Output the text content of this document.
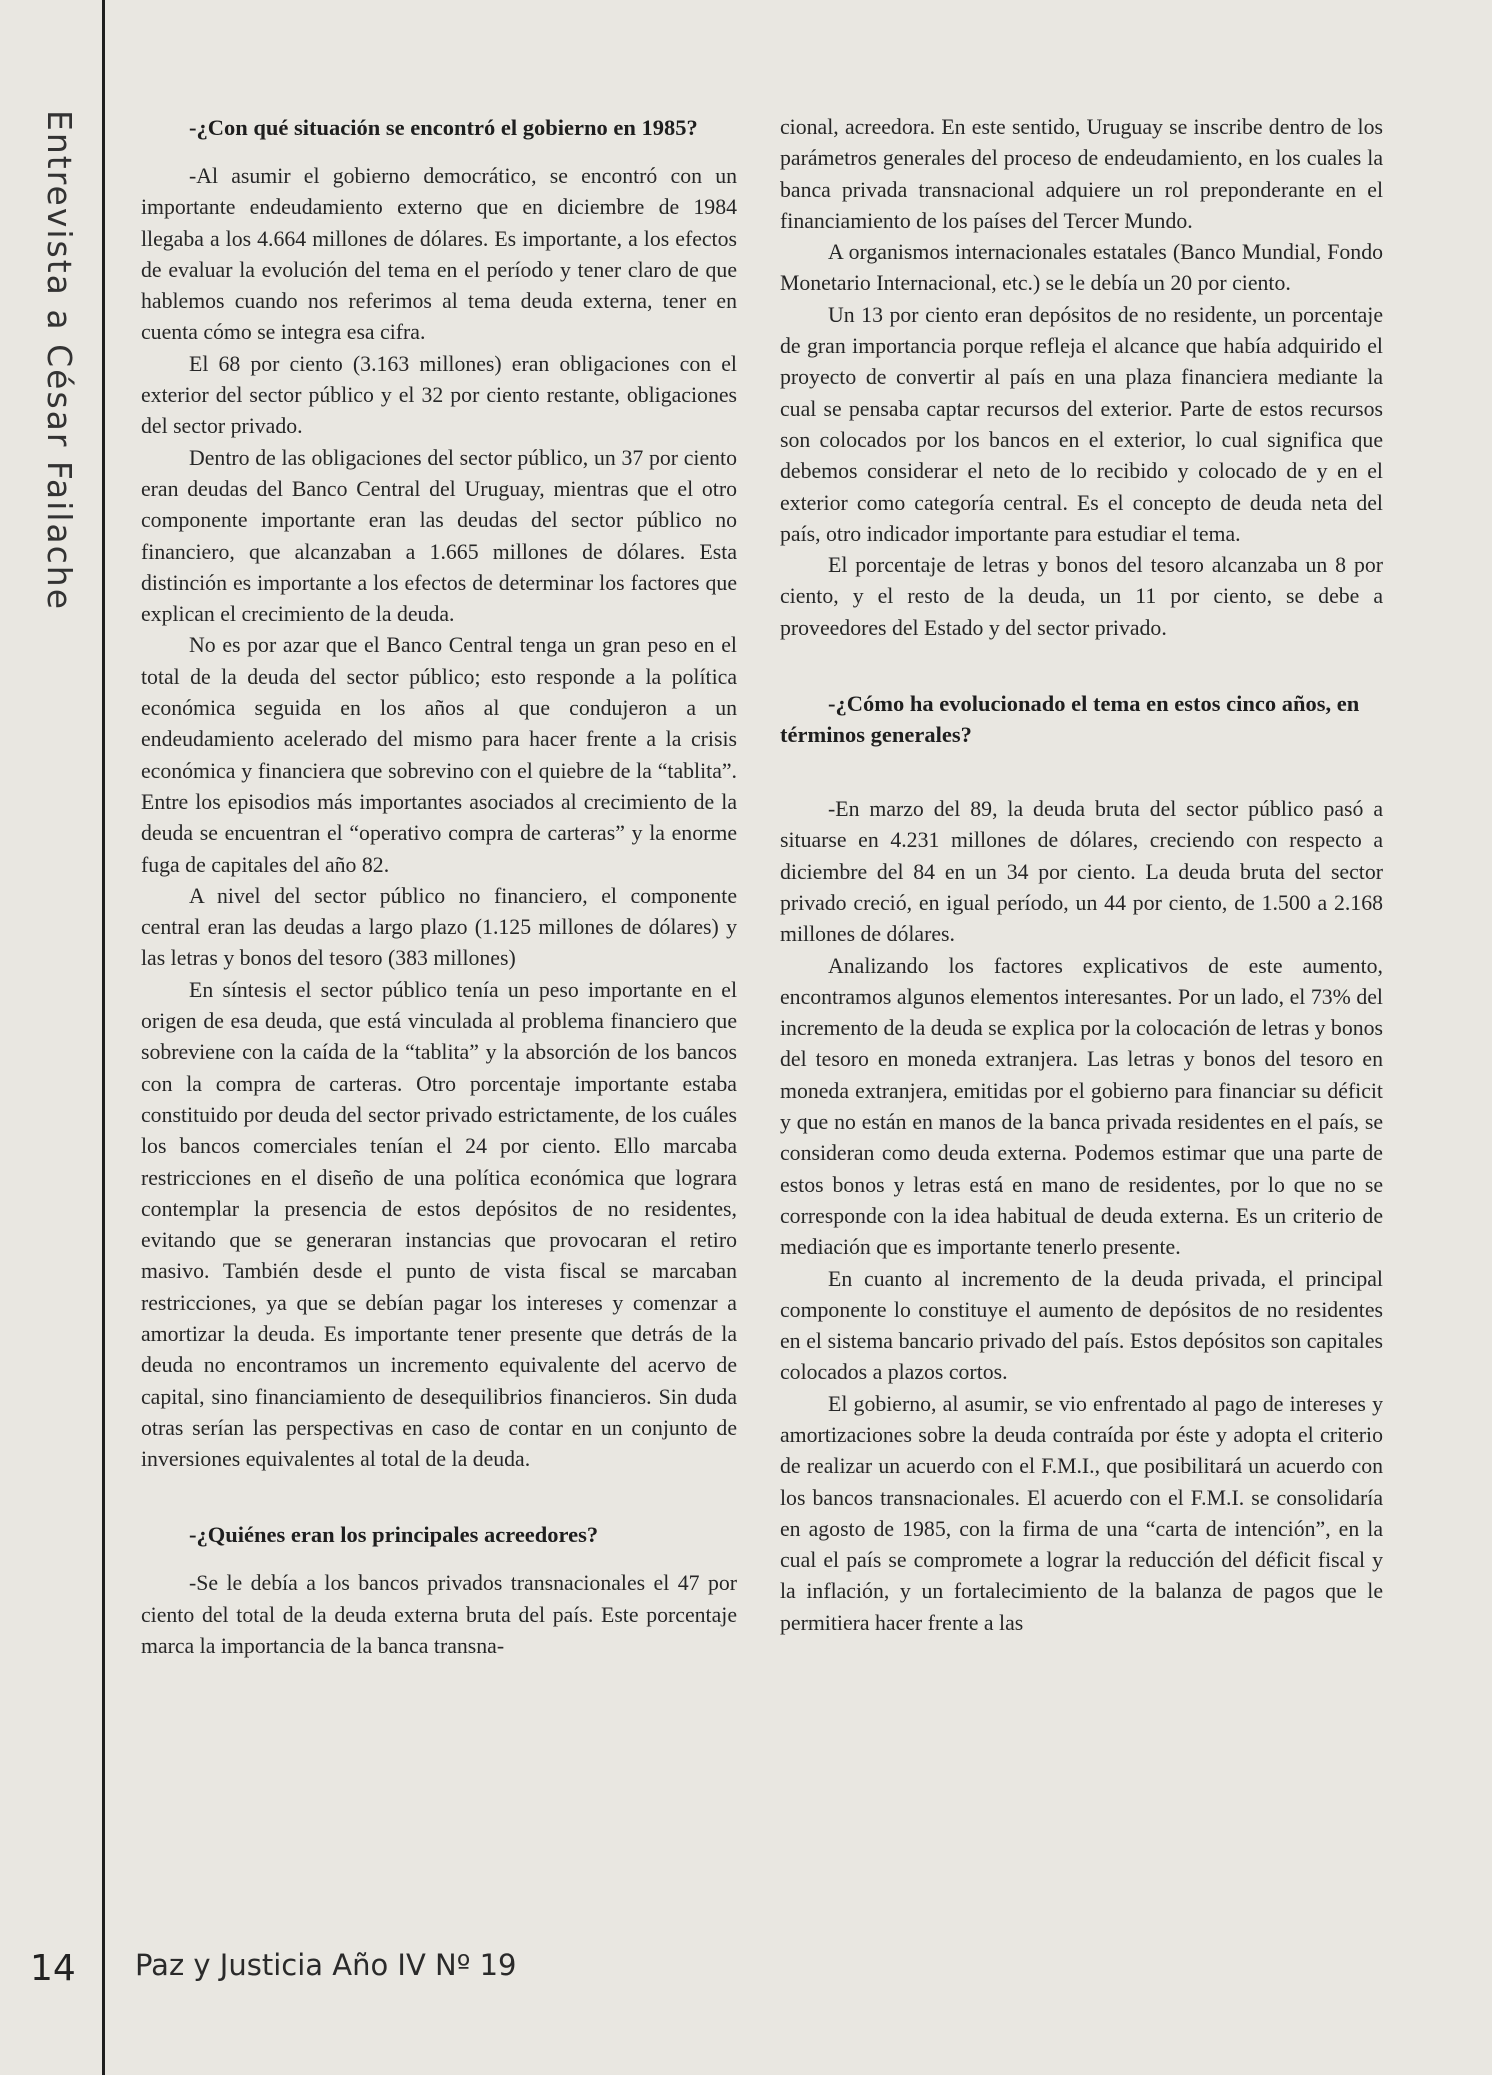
Entrevista a César Failache	-¿Con qué situación se encontró el gobierno en 1985?

-Al asumir el gobierno democrático, se encontró con un importante endeudamiento externo que en diciembre de 1984 llegaba a los 4.664 millones de dólares. Es importante, a los efectos de evaluar la evolución del tema en el período y tener claro de que hablemos cuando nos referimos al tema deuda externa, tener en cuenta cómo se integra esa cifra.

El 68 por ciento (3.163 millones) eran obligaciones con el exterior del sector público y el 32 por ciento restante, obligaciones del sector privado.

Dentro de las obligaciones del sector público, un 37 por ciento eran deudas del Banco Central del Uruguay, mientras que el otro componente importante eran las deudas del sector público no financiero, que alcanzaban a 1.665 millones de dólares. Esta distinción es importante a los efectos de determinar los factores que explican el crecimiento de la deuda.

No es por azar que el Banco Central tenga un gran peso en el total de la deuda del sector público; esto responde a la política económica seguida en los años al que condujeron a un endeudamiento acelerado del mismo para hacer frente a la crisis económica y financiera que sobrevino con el quiebre de la “tablita”. Entre los episodios más importantes asociados al crecimiento de la deuda se encuentran el “operativo compra de carteras” y la enorme fuga de capitales del año 82.

A nivel del sector público no financiero, el componente central eran las deudas a largo plazo (1.125 millones de dólares) y las letras y bonos del tesoro (383 millones)

En síntesis el sector público tenía un peso importante en el origen de esa deuda, que está vinculada al problema financiero que sobreviene con la caída de la “tablita” y la absorción de los bancos con la compra de carteras. Otro porcentaje importante estaba constituido por deuda del sector privado estrictamente, de los cuáles los bancos comerciales tenían el 24 por ciento. Ello marcaba restricciones en el diseño de una política económica que lograra contemplar la presencia de estos depósitos de no residentes, evitando que se generaran instancias que provocaran el retiro masivo. También desde el punto de vista fiscal se marcaban restricciones, ya que se debían pagar los intereses y comenzar a amortizar la deuda. Es importante tener presente que detrás de la deuda no encontramos un incremento equivalente del acervo de capital, sino financiamiento de desequilibrios financieros. Sin duda otras serían las perspectivas en caso de contar en un conjunto de inversiones equivalentes al total de la deuda.

-¿Quiénes eran los principales acreedores?

-Se le debía a los bancos privados transnacionales el 47 por ciento del total de la deuda externa bruta del país. Este porcentaje marca la importancia de la banca transna-

cional, acreedora. En este sentido, Uruguay se inscribe dentro de los parámetros generales del proceso de endeudamiento, en los cuales la banca privada transnacional adquiere un rol preponderante en el financiamiento de los países del Tercer Mundo.

A organismos internacionales estatales (Banco Mundial, Fondo Monetario Internacional, etc.) se le debía un 20 por ciento.

Un 13 por ciento eran depósitos de no residente, un porcentaje de gran importancia porque refleja el alcance que había adquirido el proyecto de convertir al país en una plaza financiera mediante la cual se pensaba captar recursos del exterior. Parte de estos recursos son colocados por los bancos en el exterior, lo cual significa que debemos considerar el neto de lo recibido y colocado de y en el exterior como categoría central. Es el concepto de deuda neta del país, otro indicador importante para estudiar el tema.

El porcentaje de letras y bonos del tesoro alcanzaba un 8 por ciento, y el resto de la deuda, un 11 por ciento, se debe a proveedores del Estado y del sector privado.

-¿Cómo ha evolucionado el tema en estos cinco años, en términos generales?

-En marzo del 89, la deuda bruta del sector público pasó a situarse en 4.231 millones de dólares, creciendo con respecto a diciembre del 84 en un 34 por ciento. La deuda bruta del sector privado creció, en igual período, un 44 por ciento, de 1.500 a 2.168 millones de dólares.

Analizando los factores explicativos de este aumento, encontramos algunos elementos interesantes. Por un lado, el 73% del incremento de la deuda se explica por la colocación de letras y bonos del tesoro en moneda extranjera. Las letras y bonos del tesoro en moneda extranjera, emitidas por el gobierno para financiar su déficit y que no están en manos de la banca privada residentes en el país, se consideran como deuda externa. Podemos estimar que una parte de estos bonos y letras está en mano de residentes, por lo que no se corresponde con la idea habitual de deuda externa. Es un criterio de mediación que es importante tenerlo presente.

En cuanto al incremento de la deuda privada, el principal componente lo constituye el aumento de depósitos de no residentes en el sistema bancario privado del país. Estos depósitos son capitales colocados a plazos cortos.

El gobierno, al asumir, se vio enfrentado al pago de intereses y amortizaciones sobre la deuda contraída por éste y adopta el criterio de realizar un acuerdo con el F.M.I., que posibilitará un acuerdo con los bancos transnacionales. El acuerdo con el F.M.I. se consolidaría en agosto de 1985, con la firma de una “carta de intención”, en la cual el país se compromete a lograr la reducción del déficit fiscal y la inflación, y un fortalecimiento de la balanza de pagos que le permitiera hacer frente a las

14 Paz y Justicia Año IV Nº 19
